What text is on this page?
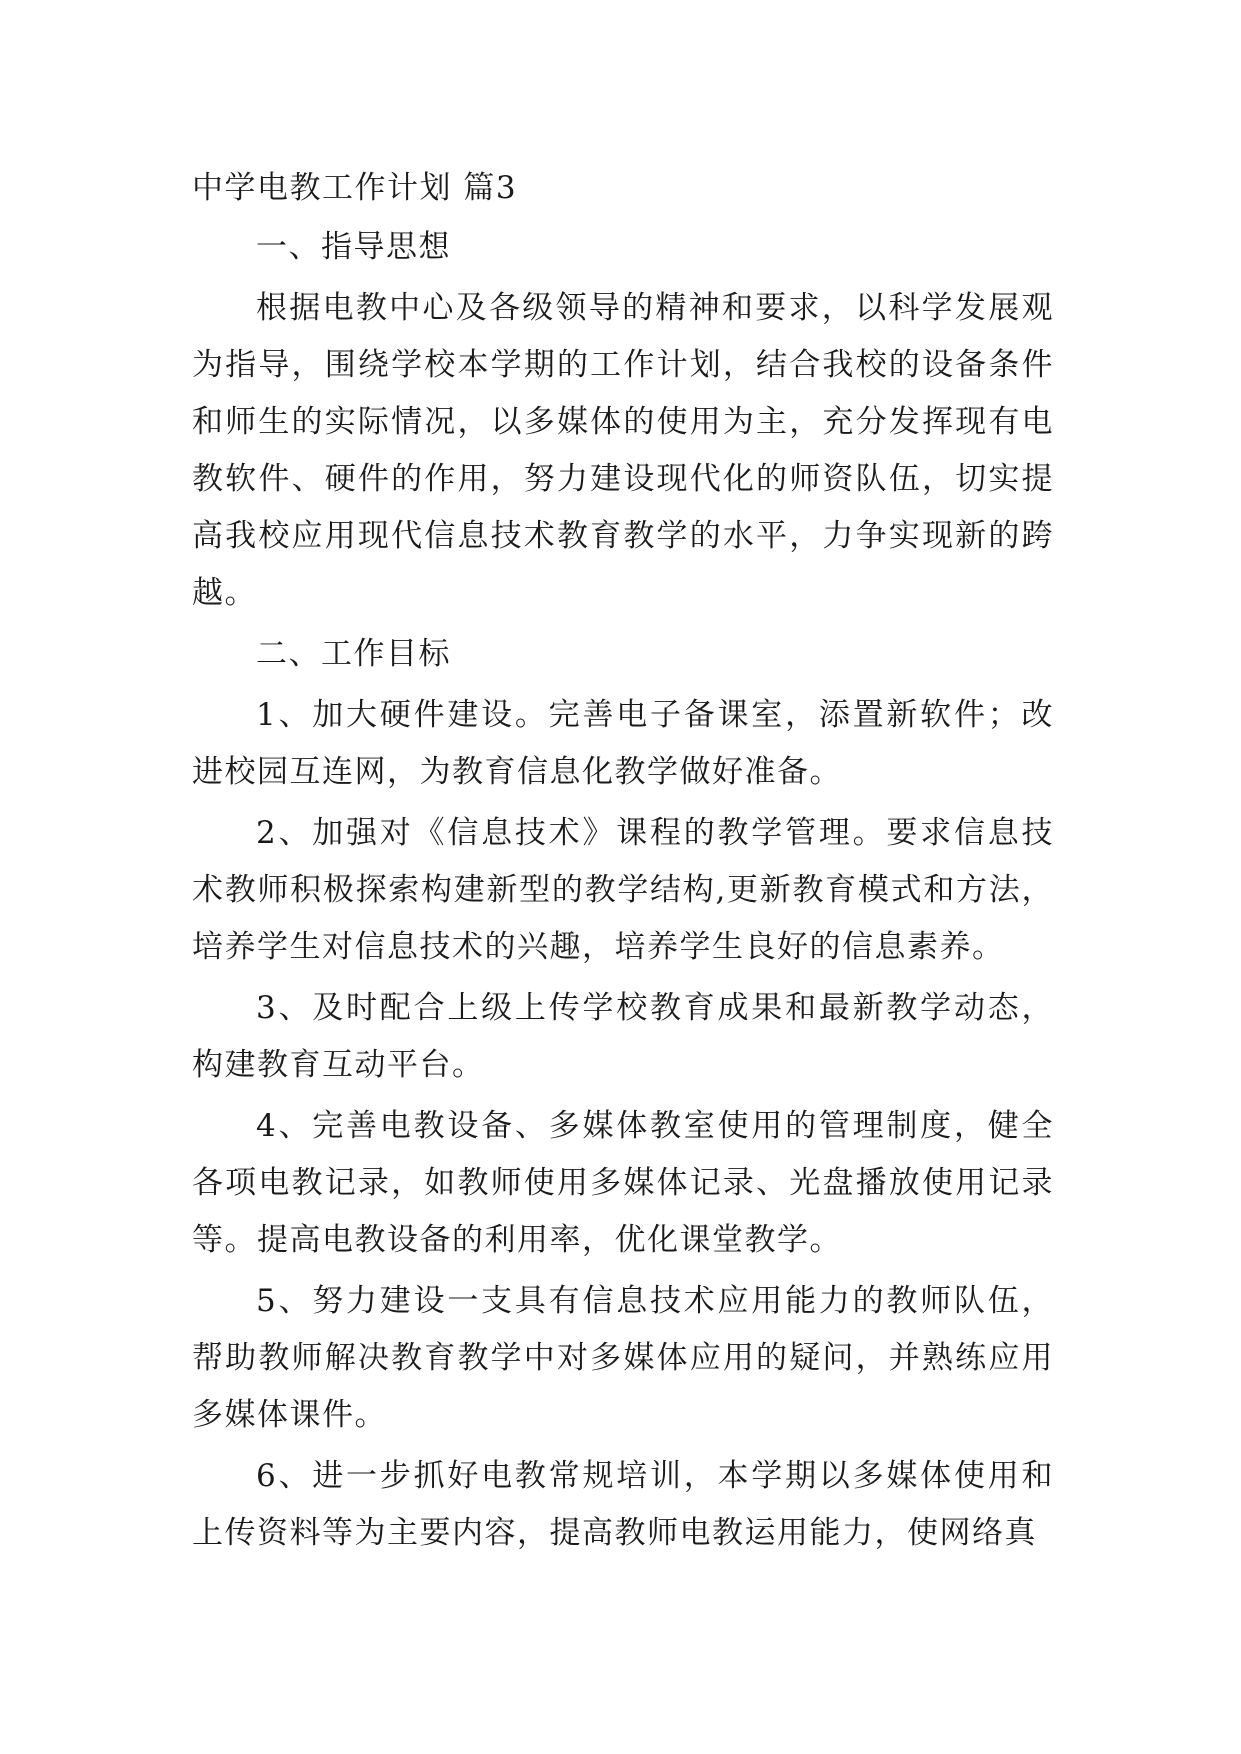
中学电教工作计划 篇3
一、指导思想

根据电教中心及各级领导的精神和要求，以科学发展观为指导，围绕学校本学期的工作计划，结合我校的设备条件和师生的实际情况，以多媒体的使用为主，充分发挥现有电教软件、硬件的作用，努力建设现代化的师资队伍，切实提高我校应用现代信息技术教育教学的水平，力争实现新的跨越。

二、工作目标

1、加大硬件建设。完善电子备课室，添置新软件；改进校园互连网，为教育信息化教学做好准备。

2、加强对《信息技术》课程的教学管理。要求信息技术教师积极探索构建新型的教学结构,更新教育模式和方法，培养学生对信息技术的兴趣，培养学生良好的信息素养。

3、及时配合上级上传学校教育成果和最新教学动态，构建教育互动平台。

4、完善电教设备、多媒体教室使用的管理制度，健全各项电教记录，如教师使用多媒体记录、光盘播放使用记录等。提高电教设备的利用率，优化课堂教学。

5、努力建设一支具有信息技术应用能力的教师队伍，帮助教师解决教育教学中对多媒体应用的疑问，并熟练应用多媒体课件。

6、进一步抓好电教常规培训，本学期以多媒体使用和上传资料等为主要内容，提高教师电教运用能力，使网络真
